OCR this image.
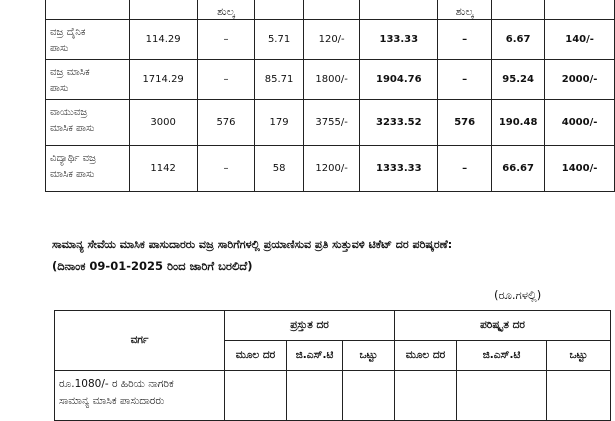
		ಶುಲ್ಕ				ಶುಲ್ಕ		
ವಜ್ರ ದೈನಿಕ
ಪಾಸು	114.29	–	5.71	120/-	133.33	–	6.67	140/-
ವಜ್ರ ಮಾಸಿಕ
ಪಾಸು	1714.29	–	85.71	1800/-	1904.76	–	95.24	2000/-
ವಾಯುವಜ್ರ
ಮಾಸಿಕ ಪಾಸು	3000	576	179	3755/-	3233.52	576	190.48	4000/-
ವಿದ್ಯಾರ್ಥಿ ವಜ್ರ
ಮಾಸಿಕ ಪಾಸು	1142	–	58	1200/-	1333.33	–	66.67	1400/-
ಸಾಮಾನ್ಯ ಸೇವೆಯ ಮಾಸಿಕ ಪಾಸುದಾರರು ವಜ್ರ ಸಾರಿಗೆಗಳಲ್ಲಿ ಪ್ರಯಾಣಿಸುವ ಪ್ರತಿ ಸುತ್ತುವಳಿ ಟಿಕೆಟ್ ದರ ಪರಿಷ್ಕರಣೆ:
(ದಿನಾಂಕ 09-01-2025 ರಿಂದ ಜಾರಿಗೆ ಬರಲಿದೆ)
(ರೂ.ಗಳಲ್ಲಿ)
ವರ್ಗ	ಪ್ರಸ್ತುತ ದರ			ಪರಿಷ್ಕೃತ ದರ		
	ಮೂಲ ದರ	ಜಿ.ಎಸ್.ಟಿ	ಒಟ್ಟು	ಮೂಲ ದರ	ಜಿ.ಎಸ್.ಟಿ	ಒಟ್ಟು
ರೂ.1080/- ರ ಹಿರಿಯ ನಾಗರಿಕ
ಸಾಮಾನ್ಯ ಮಾಸಿಕ ಪಾಸುದಾರರು						
